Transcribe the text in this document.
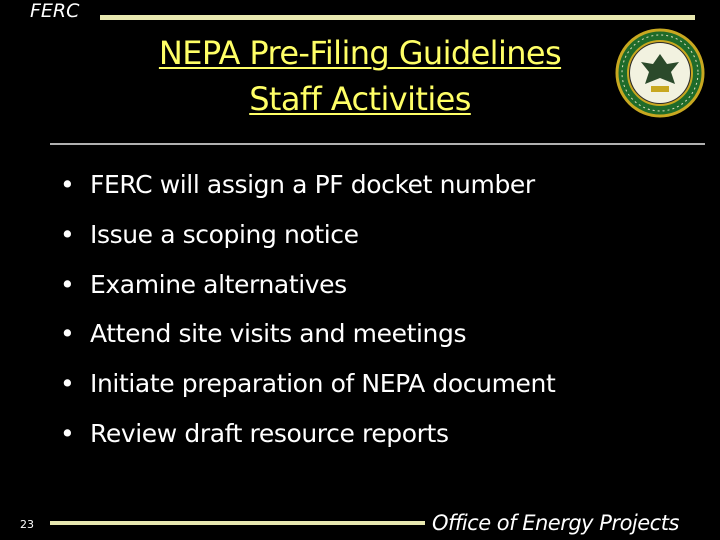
FERC
NEPA Pre-Filing Guidelines
Staff Activities
• FERC will assign a PF docket number
• Issue a scoping notice
• Examine alternatives
• Attend site visits and meetings
• Initiate preparation of NEPA document
• Review draft resource reports
23	Office of Energy Projects
